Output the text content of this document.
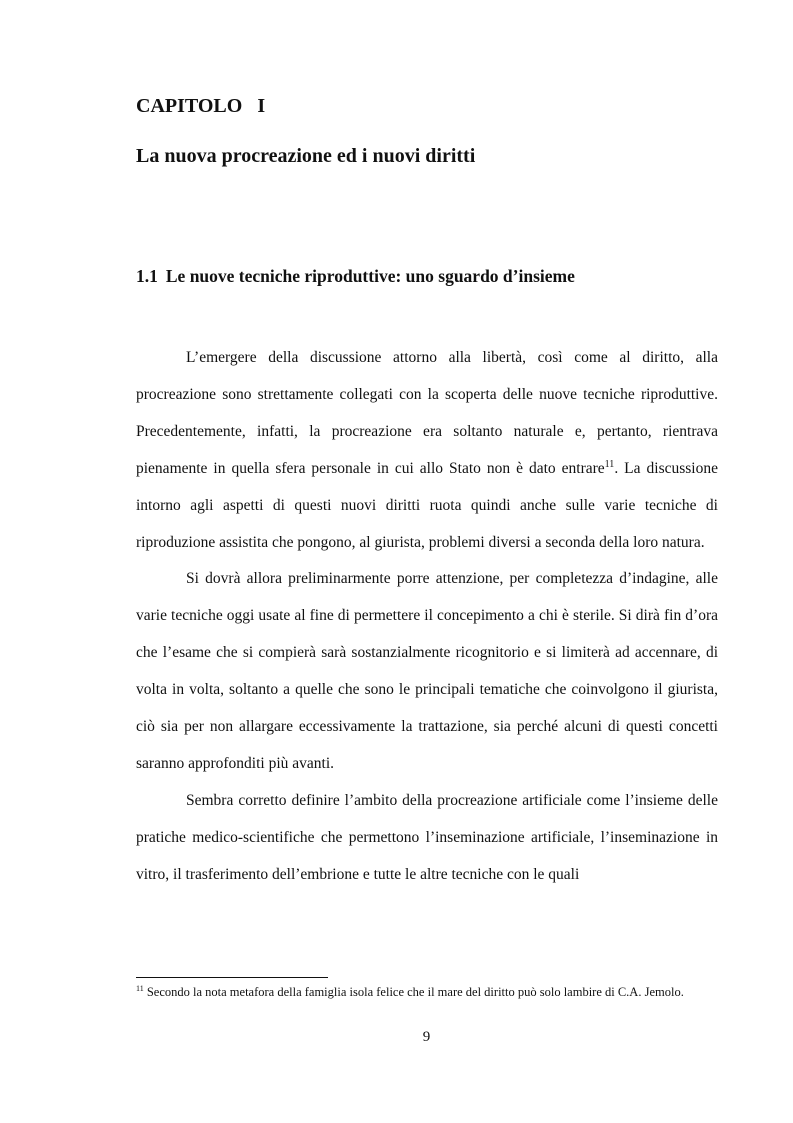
CAPITOLO   I
La nuova procreazione ed i nuovi diritti
1.1 Le nuove tecniche riproduttive: uno sguardo d’insieme

L’emergere della discussione attorno alla libertà, così come al diritto, alla procreazione sono strettamente collegati con la scoperta delle nuove tecniche riproduttive. Precedentemente, infatti, la procreazione era soltanto naturale e, pertanto, rientrava pienamente in quella sfera personale in cui allo Stato non è dato entrare$^{11}$. La discussione intorno agli aspetti di questi nuovi diritti ruota quindi anche sulle varie tecniche di riproduzione assistita che pongono, al giurista, problemi diversi a seconda della loro natura.

Si dovrà allora preliminarmente porre attenzione, per completezza d’indagine, alle varie tecniche oggi usate al fine di permettere il concepimento a chi è sterile. Si dirà fin d’ora che l’esame che si compierà sarà sostanzialmente ricognitorio e si limiterà ad accennare, di volta in volta, soltanto a quelle che sono le principali tematiche che coinvolgono il giurista, ciò sia per non allargare eccessivamente la trattazione, sia perché alcuni di questi concetti saranno approfonditi più avanti.

Sembra corretto definire l’ambito della procreazione artificiale come l’insieme delle pratiche medico-scientifiche che permettono l’inseminazione artificiale, l’inseminazione in vitro, il trasferimento dell’embrione e tutte le altre tecniche con le quali

$^{11}$ Secondo la nota metafora della famiglia isola felice che il mare del diritto può solo lambire di C.A. Jemolo.

9
